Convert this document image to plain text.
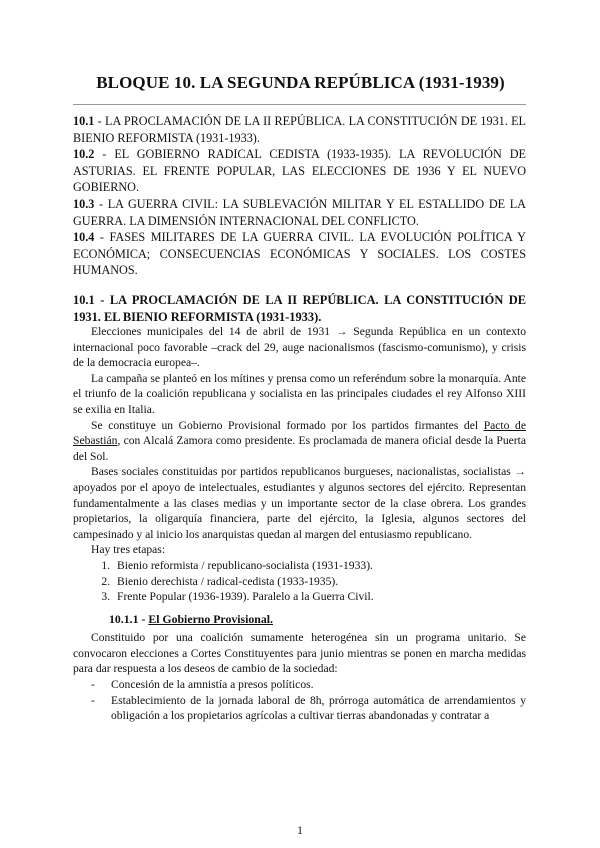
BLOQUE 10. LA SEGUNDA REPÚBLICA (1931-1939)

10.1 - LA PROCLAMACIÓN DE LA II REPÚBLICA. LA CONSTITUCIÓN DE 1931. EL BIENIO REFORMISTA (1931-1933).

10.2 - EL GOBIERNO RADICAL CEDISTA (1933-1935). LA REVOLUCIÓN DE ASTURIAS. EL FRENTE POPULAR, LAS ELECCIONES DE 1936 Y EL NUEVO GOBIERNO.

10.3 - LA GUERRA CIVIL: LA SUBLEVACIÓN MILITAR Y EL ESTALLIDO DE LA GUERRA. LA DIMENSIÓN INTERNACIONAL DEL CONFLICTO.

10.4 - FASES MILITARES DE LA GUERRA CIVIL. LA EVOLUCIÓN POLÍTICA Y ECONÓMICA; CONSECUENCIAS ECONÓMICAS Y SOCIALES. LOS COSTES HUMANOS.

10.1 - LA PROCLAMACIÓN DE LA II REPÚBLICA. LA CONSTITUCIÓN DE 1931. EL BIENIO REFORMISTA (1931-1933).

Elecciones municipales del 14 de abril de 1931 → Segunda República en un contexto internacional poco favorable –crack del 29, auge nacionalismos (fascismo-comunismo), y crisis de la democracia europea–.

La campaña se planteó en los mítines y prensa como un referéndum sobre la monarquía. Ante el triunfo de la coalición republicana y socialista en las principales ciudades el rey Alfonso XIII se exilia en Italia.

Se constituye un Gobierno Provisional formado por los partidos firmantes del Pacto de Sebastián, con Alcalá Zamora como presidente. Es proclamada de manera oficial desde la Puerta del Sol.

Bases sociales constituidas por partidos republicanos burgueses, nacionalistas, socialistas → apoyados por el apoyo de intelectuales, estudiantes y algunos sectores del ejército. Representan fundamentalmente a las clases medias y un importante sector de la clase obrera. Los grandes propietarios, la oligarquía financiera, parte del ejército, la Iglesia, algunos sectores del campesinado y al inicio los anarquistas quedan al margen del entusiasmo republicano.

Hay tres etapas:

1. Bienio reformista / republicano-socialista (1931-1933).
2. Bienio derechista / radical-cedista (1933-1935).
3. Frente Popular (1936-1939). Paralelo a la Guerra Civil.
10.1.1 - El Gobierno Provisional.

Constituido por una coalición sumamente heterogénea sin un programa unitario. Se convocaron elecciones a Cortes Constituyentes para junio mientras se ponen en marcha medidas para dar respuesta a los deseos de cambio de la sociedad:

- Concesión de la amnistía a presos políticos.
- Establecimiento de la jornada laboral de 8h, prórroga automática de arrendamientos y obligación a los propietarios agrícolas a cultivar tierras abandonadas y contratar a
1
